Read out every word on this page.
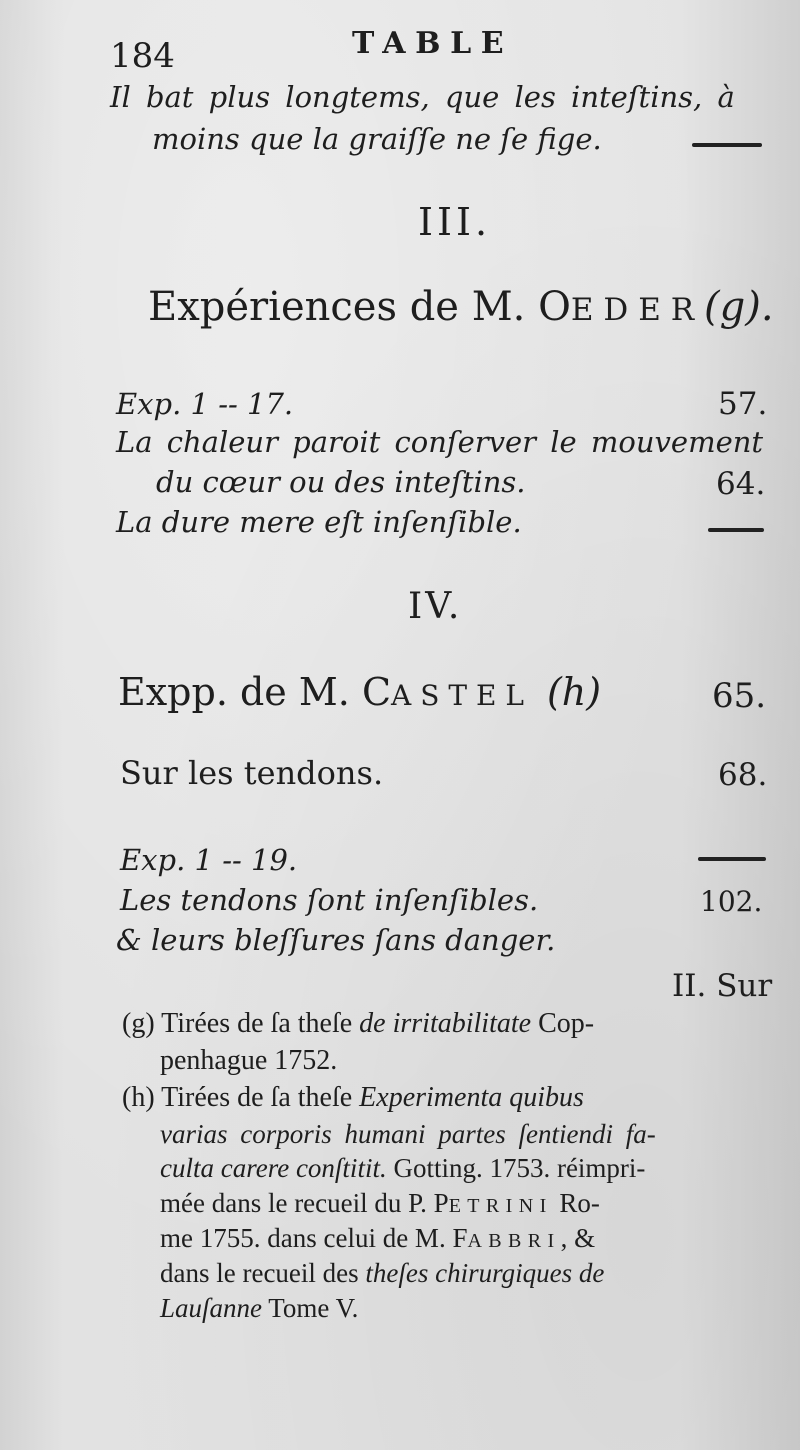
184	TABLE
Il bat plus longtems, que les inteſtins, à
moins que la graiſſe ne ſe fige.
III.
Expériences de M. OEDER(g).
Exp. 1 -- 17.	57.
La chaleur paroit conſerver le mouvement
du cœur ou des inteſtins.	64.
La dure mere eſt inſenſible.
IV.
Expp. de M. CASTEL (h)	65.
Sur les tendons.	68.
Exp. 1 -- 19.
Les tendons ſont inſenſibles.	102.
& leurs bleſſures ſans danger.
II. Sur
(g) Tirées de ſa theſe de irritabilitate Cop-
penhague 1752.
(h) Tirées de ſa theſe Experimenta quibus
varias corporis humani partes ſentiendi fa-
culta carere conſtitit. Gotting. 1753. réimpri-
mée dans le recueil du P. PETRINI Ro-
me 1755. dans celui de M. FABBRI, &
dans le recueil des theſes chirurgiques de
Lauſanne Tome V.
